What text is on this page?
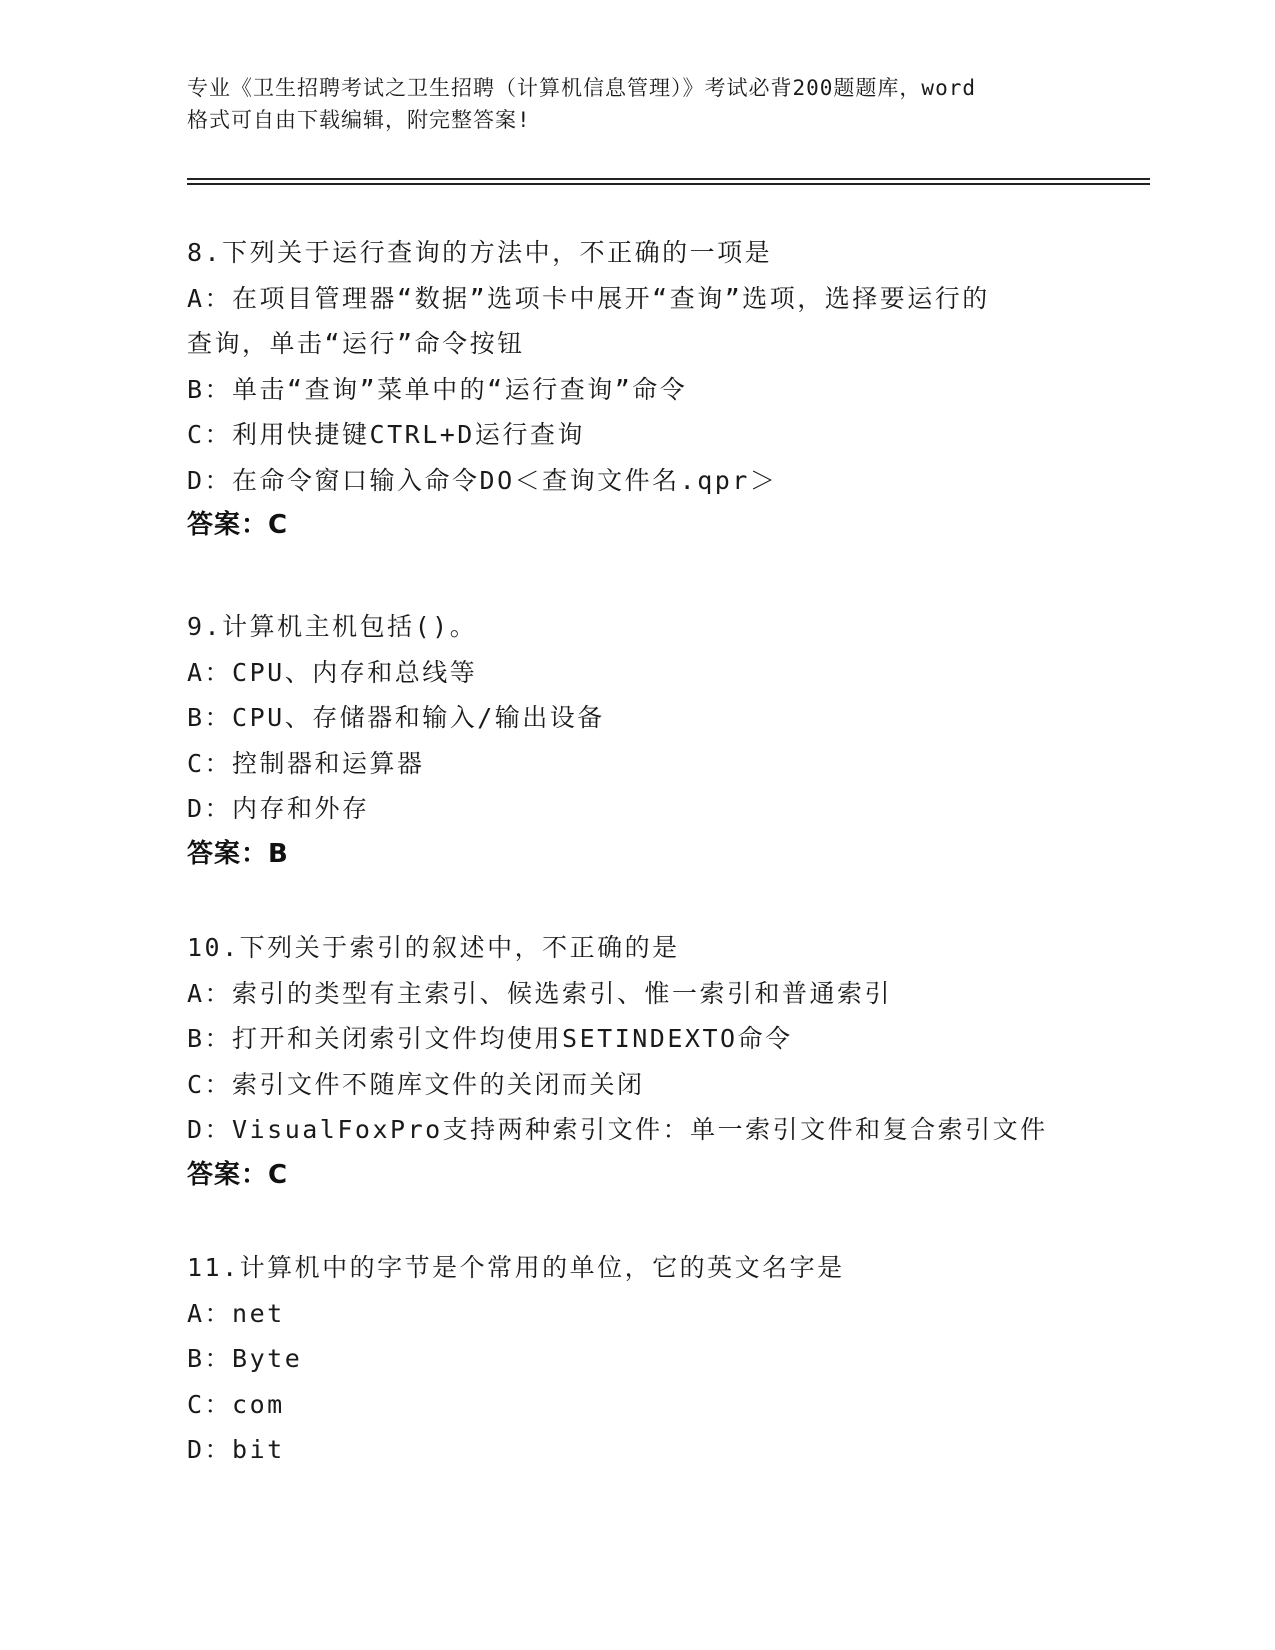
专业《卫生招聘考试之卫生招聘（计算机信息管理）》考试必背200题题库，word
格式可自由下载编辑，附完整答案!
8.下列关于运行查询的方法中，不正确的一项是
A：在项目管理器“数据”选项卡中展开“查询”选项，选择要运行的
查询，单击“运行”命令按钮
B：单击“查询”菜单中的“运行查询”命令
C：利用快捷键CTRL+D运行查询
D：在命令窗口输入命令DO＜查询文件名.qpr＞
答案：C
9.计算机主机包括()。
A：CPU、内存和总线等
B：CPU、存储器和输入/输出设备
C：控制器和运算器
D：内存和外存
答案：B
10.下列关于索引的叙述中，不正确的是
A：索引的类型有主索引、候选索引、惟一索引和普通索引
B：打开和关闭索引文件均使用SETINDEXTO命令
C：索引文件不随库文件的关闭而关闭
D：VisualFoxPro支持两种索引文件：单一索引文件和复合索引文件
答案：C
11.计算机中的字节是个常用的单位，它的英文名字是
A：net
B：Byte
C：com
D：bit
